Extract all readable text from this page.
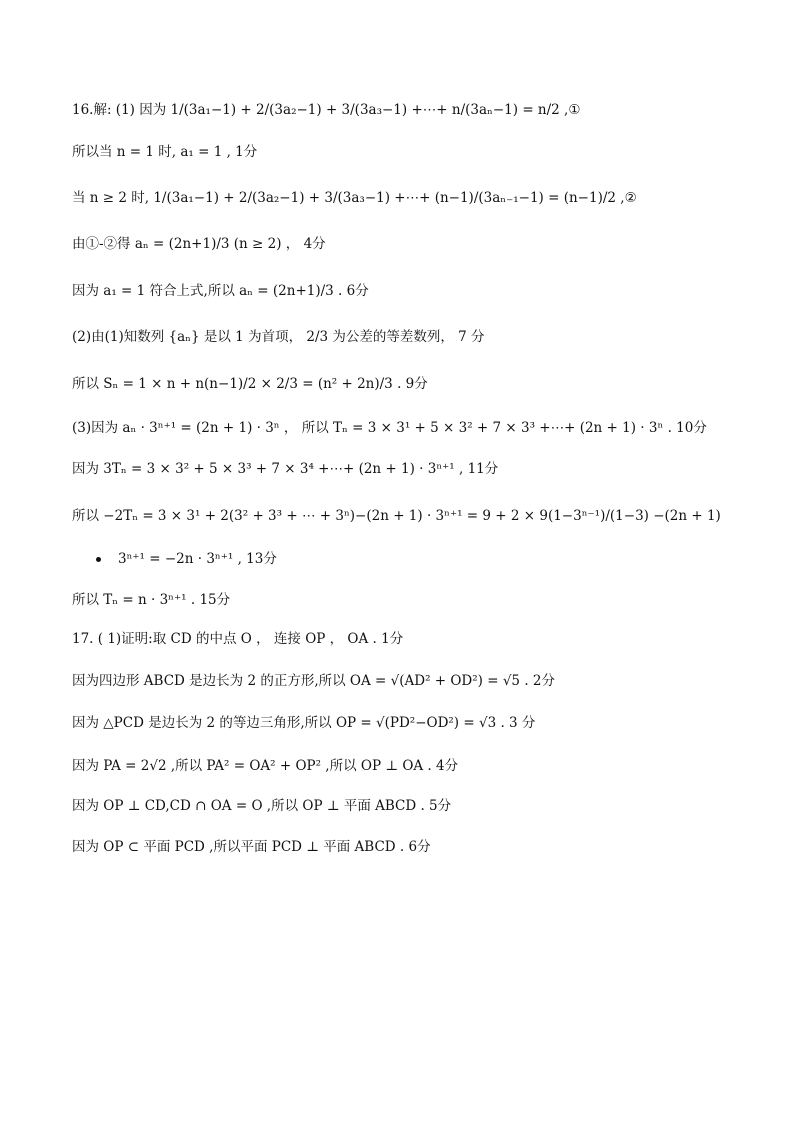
16.解: (1) 因为 1/(3a₁−1) + 2/(3a₂−1) + 3/(3a₃−1) +⋯+ n/(3aₙ−1) = n/2 ,①
所以当 n = 1 时, a₁ = 1 , 1分
当 n ≥ 2 时, 1/(3a₁−1) + 2/(3a₂−1) + 3/(3a₃−1) +⋯+ (n−1)/(3aₙ₋₁−1) = (n−1)/2 ,②
由①-②得 aₙ = (2n+1)/3 (n ≥ 2) ， 4分
因为 a₁ = 1 符合上式,所以 aₙ = (2n+1)/3 . 6分
(2)由(1)知数列 {aₙ} 是以 1 为首项， 2/3 为公差的等差数列， 7 分
所以 Sₙ = 1 × n + n(n−1)/2 × 2/3 = (n² + 2n)/3 . 9分
(3)因为 aₙ · 3ⁿ⁺¹ = (2n + 1) · 3ⁿ ， 所以 Tₙ = 3 × 3¹ + 5 × 3² + 7 × 3³ +⋯+ (2n + 1) · 3ⁿ . 10分
因为 3Tₙ = 3 × 3² + 5 × 3³ + 7 × 3⁴ +⋯+ (2n + 1) · 3ⁿ⁺¹ , 11分
所以 −2Tₙ = 3 × 3¹ + 2(3² + 3³ + ⋯ + 3ⁿ)−(2n + 1) · 3ⁿ⁺¹ = 9 + 2 × 9(1−3ⁿ⁻¹)/(1−3) −(2n + 1)
3ⁿ⁺¹ = −2n · 3ⁿ⁺¹ , 13分
所以 Tₙ = n · 3ⁿ⁺¹ . 15分
17. ( 1)证明:取 CD 的中点 O ， 连接 OP ， OA . 1分
因为四边形 ABCD 是边长为 2 的正方形,所以 OA = √(AD² + OD²) = √5 . 2分
因为 △PCD 是边长为 2 的等边三角形,所以 OP = √(PD²−OD²) = √3 . 3 分
因为 PA = 2√2 ,所以 PA² = OA² + OP² ,所以 OP ⊥ OA . 4分
因为 OP ⊥ CD,CD ∩ OA = O ,所以 OP ⊥ 平面 ABCD . 5分
因为 OP ⊂ 平面 PCD ,所以平面 PCD ⊥ 平面 ABCD . 6分
